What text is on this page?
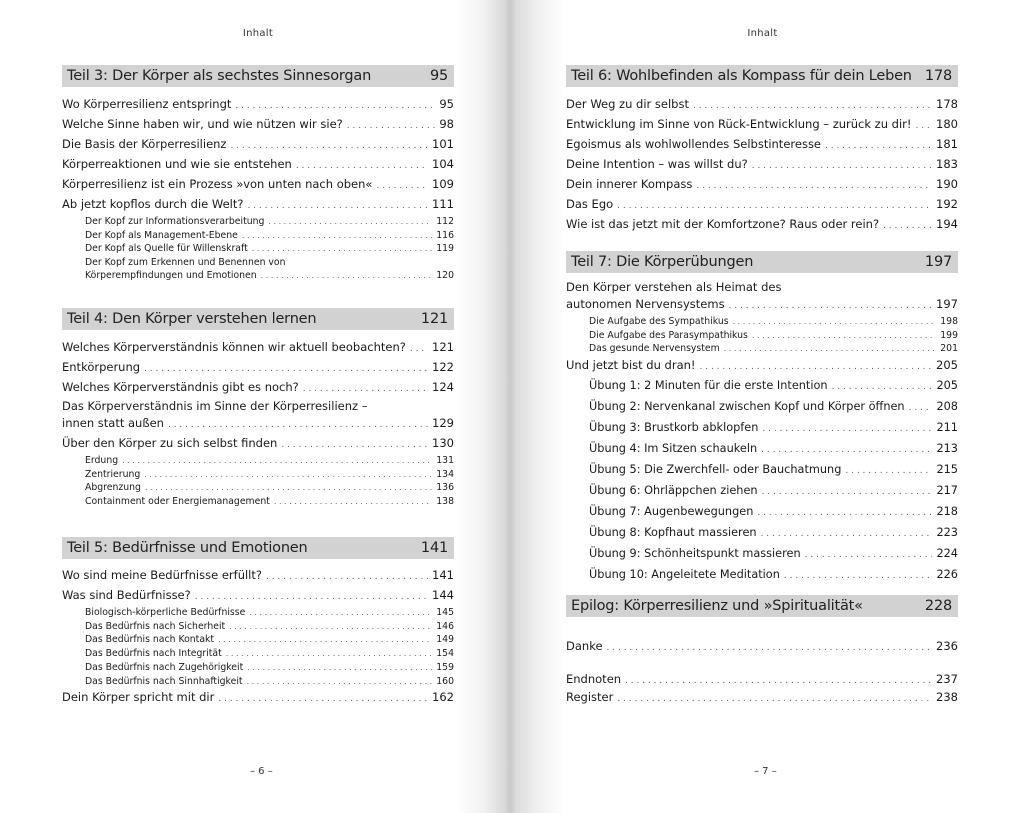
Inhalt
Teil 3: Der Körper als sechstes Sinnesorgan	95
Wo Körperresilienz entspringt . . .	95
Welche Sinne haben wir, und wie nützen wir sie? . . .	98
Die Basis der Körperresilienz . . .	101
Körperreaktionen und wie sie entstehen . . .	104
Körperresilienz ist ein Prozess »von unten nach oben« . . .	109
Ab jetzt kopflos durch die Welt? . . .	111
Der Kopf zur Informationsverarbeitung . . .	112
Der Kopf als Management-Ebene . . .	116
Der Kopf als Quelle für Willenskraft . . .	119
Der Kopf zum Erkennen und Benennen von
Körperempfindungen und Emotionen . . .	120
Teil 4: Den Körper verstehen lernen	121
Welches Körperverständnis können wir aktuell beobachten? . . . 121
Entkörperung . . .	122
Welches Körperverständnis gibt es noch? . . .	124
Das Körperverständnis im Sinne der Körperresilienz –
innen statt außen . . .	129
Über den Körper zu sich selbst finden . . .	130
Erdung . . .	131
Zentrierung . . .	134
Abgrenzung . . .	136
Containment oder Energiemanagement . . .	138
Teil 5: Bedürfnisse und Emotionen	141
Wo sind meine Bedürfnisse erfüllt? . . .	141
Was sind Bedürfnisse? . . .	144
Biologisch-körperliche Bedürfnisse . . .	145
Das Bedürfnis nach Sicherheit . . .	146
Das Bedürfnis nach Kontakt . . .	149
Das Bedürfnis nach Integrität . . .	154
Das Bedürfnis nach Zugehörigkeit . . .	159
Das Bedürfnis nach Sinnhaftigkeit . . .	160
Dein Körper spricht mit dir . . .	162
– 6 –
Inhalt
Teil 6: Wohlbefinden als Kompass für dein Leben 178
Der Weg zu dir selbst . . .	178
Entwicklung im Sinne von Rück-Entwicklung – zurück zu dir! . . . 180
Egoismus als wohlwollendes Selbstinteresse . . .	181
Deine Intention – was willst du? . . .	183
Dein innerer Kompass . . .	190
Das Ego . . .	192
Wie ist das jetzt mit der Komfortzone? Raus oder rein? . . .	194
Teil 7: Die Körperübungen	197
Den Körper verstehen als Heimat des
autonomen Nervensystems . . .	197
Die Aufgabe des Sympathikus . . .	198
Die Aufgabe des Parasympathikus . . .	199
Das gesunde Nervensystem . . .	201
Und jetzt bist du dran! . . .	205
Übung 1: 2 Minuten für die erste Intention . . .	205
Übung 2: Nervenkanal zwischen Kopf und Körper öffnen . . .	208
Übung 3: Brustkorb abklopfen . . .	211
Übung 4: Im Sitzen schaukeln . . .	213
Übung 5: Die Zwerchfell- oder Bauchatmung . . .	215
Übung 6: Ohrläppchen ziehen . . .	217
Übung 7: Augenbewegungen . . .	218
Übung 8: Kopfhaut massieren . . .	223
Übung 9: Schönheitspunkt massieren . . .	224
Übung 10: Angeleitete Meditation . . .	226
Epilog: Körperresilienz und »Spiritualität«	228
Danke . . .	236
Endnoten . . .	237
Register . . .	238
– 7 –
